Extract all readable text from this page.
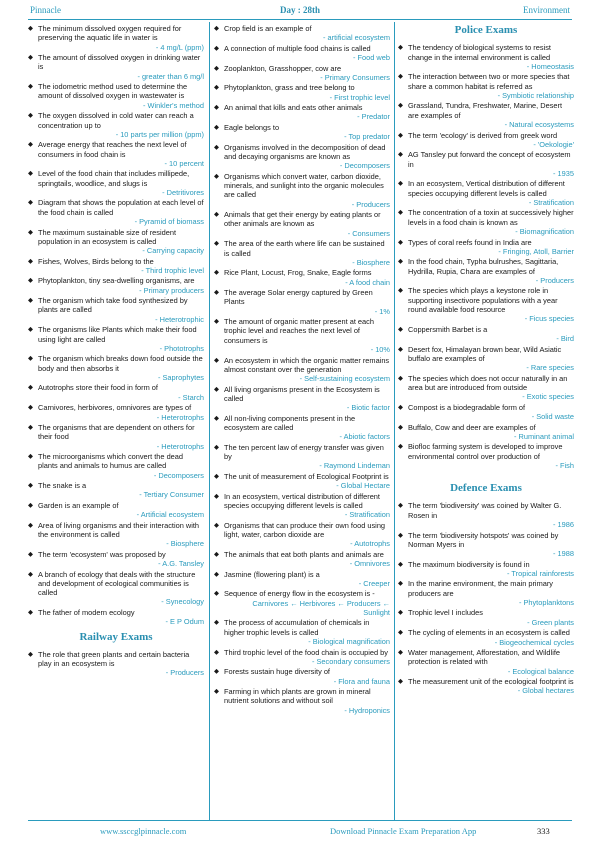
Pinnacle	Day : 28th	Environment
◆ The minimum dissolved oxygen required for preserving the aquatic life in water is
- 4 mg/L (ppm)
◆ The amount of dissolved oxygen in drinking water is
- greater than 6 mg/l
◆ The iodometric method used to determine the amount of dissolved oxygen in wastewater is
- Winkler's method
◆ The oxygen dissolved in cold water can reach a concentration up to
- 10 parts per million (ppm)
◆ Average energy that reaches the next level of consumers in food chain is
- 10 percent
◆ Level of the food chain that includes millipede, springtails, woodlice, and slugs is
- Detritivores
◆ Diagram that shows the population at each level of the food chain is called
- Pyramid of biomass
◆ The maximum sustainable size of resident population in an ecosystem is called
- Carrying capacity
◆ Fishes, Wolves, Birds belong to the
- Third trophic level
◆ Phytoplankton, tiny sea-dwelling organisms, are
- Primary producers
◆ The organism which take food synthesized by plants are called
- Heterotrophic
◆ The organisms like Plants which make their food using light are called
- Phototrophs
◆ The organism which breaks down food outside the body and then absorbs it
- Saprophytes
◆ Autotrophs store their food in form of
- Starch
◆ Carnivores, herbivores, omnivores are types of
- Heterotrophs
◆ The organisms that are dependent on others for their food
- Heterotrophs
◆ The microorganisms which convert the dead plants and animals to humus are called
- Decomposers
◆ The snake is a
- Tertiary Consumer
◆ Garden is an example of
- Artificial ecosystem
◆ Area of living organisms and their interaction with the environment is called
- Biosphere
◆ The term 'ecosystem' was proposed by
- A.G. Tansley
◆ A branch of ecology that deals with the structure and development of ecological communities is called
- Synecology
◆ The father of modern ecology
- E P Odum
Railway Exams
◆ The role that green plants and certain bacteria play in an ecosystem is
- Producers
◆ Crop field is an example of
- artificial ecosystem
◆ A connection of multiple food chains is called
- Food web
◆ Zooplankton, Grasshopper, cow are
- Primary Consumers
◆ Phytoplankton, grass and tree belong to
- First trophic level
◆ An animal that kills and eats other animals
- Predator
◆ Eagle belongs to
- Top predator
◆ Organisms involved in the decomposition of dead and decaying organisms are known as
- Decomposers
◆ Organisms which convert water, carbon dioxide, minerals, and sunlight into the organic molecules are called
- Producers
◆ Animals that get their energy by eating plants or other animals are known as
- Consumers
◆ The area of the earth where life can be sustained is called
- Biosphere
◆ Rice Plant, Locust, Frog, Snake, Eagle forms
- A food chain
◆ The average Solar energy captured by Green Plants
- 1%
◆ The amount of organic matter present at each trophic level and reaches the next level of consumers is
- 10%
◆ An ecosystem in which the organic matter remains almost constant over the generation
- Self-sustaining ecosystem
◆ All living organisms present in the Ecosystem is called
- Biotic factor
◆ All non-living components present in the ecosystem are called
- Abiotic factors
◆ The ten percent law of energy transfer was given by
- Raymond Lindeman
◆ The unit of measurement of Ecological Footprint is
- Global Hectare
◆ In an ecosystem, vertical distribution of different species occupying different levels is called
- Stratification
◆ Organisms that can produce their own food using light, water, carbon dioxide are
- Autotrophs
◆ The animals that eat both plants and animals are
- Omnivores
◆ Jasmine (flowering plant) is a
- Creeper
◆ Sequence of energy flow in the ecosystem is -
Carnivores ← Herbivores ← Producers ← Sunlight
◆ The process of accumulation of chemicals in higher trophic levels is called
- Biological magnification
◆ Third trophic level of the food chain is occupied by
- Secondary consumers
◆ Forests sustain huge diversity of
- Flora and fauna
◆ Farming in which plants are grown in mineral nutrient solutions and without soil
- Hydroponics
Police Exams
◆ The tendency of biological systems to resist change in the internal environment is called
- Homeostasis
◆ The interaction between two or more species that share a common habitat is referred as
- Symbiotic relationship
◆ Grassland, Tundra, Freshwater, Marine, Desert are examples of
- Natural ecosystems
◆ The term 'ecology' is derived from greek word
- 'Oekologie'
◆ AG Tansley put forward the concept of ecosystem in
- 1935
◆ In an ecosystem, Vertical distribution of different species occupying different levels is called
- Stratification
◆ The concentration of a toxin at successively higher levels in a food chain is known as
- Biomagnification
◆ Types of coral reefs found in India are
- Fringing, Atoll, Barrier
◆ In the food chain, Typha bulrushes, Sagittaria, Hydrilla, Rupia, Chara are examples of
- Producers
◆ The species which plays a keystone role in supporting insectivore populations with a year round available food resource
- Ficus species
◆ Coppersmith Barbet is a
- Bird
◆ Desert fox, Himalayan brown bear, Wild Asiatic buffalo are examples of
- Rare species
◆ The species which does not occur naturally in an area but are introduced from outside
- Exotic species
◆ Compost is a biodegradable form of
- Solid waste
◆ Buffalo, Cow and deer are examples of
- Ruminant animal
◆ Biofloc farming system is developed to improve environmental control over production of
- Fish
Defence Exams
◆ The term 'biodiversity' was coined by Walter G. Rosen in
- 1986
◆ The term 'biodiversity hotspots' was coined by Norman Myers in
- 1988
◆ The maximum biodiversity is found in
- Tropical rainforests
◆ In the marine environment, the main primary producers are
- Phytoplanktons
◆ Trophic level I includes
- Green plants
◆ The cycling of elements in an ecosystem is called
- Biogeochemical cycles
◆ Water management, Afforestation, and Wildlife protection is related with
- Ecological balance
◆ The measurement unit of the ecological footprint is
- Global hectares
www.ssccglpinnacle.com	Download Pinnacle Exam Preparation App	333
